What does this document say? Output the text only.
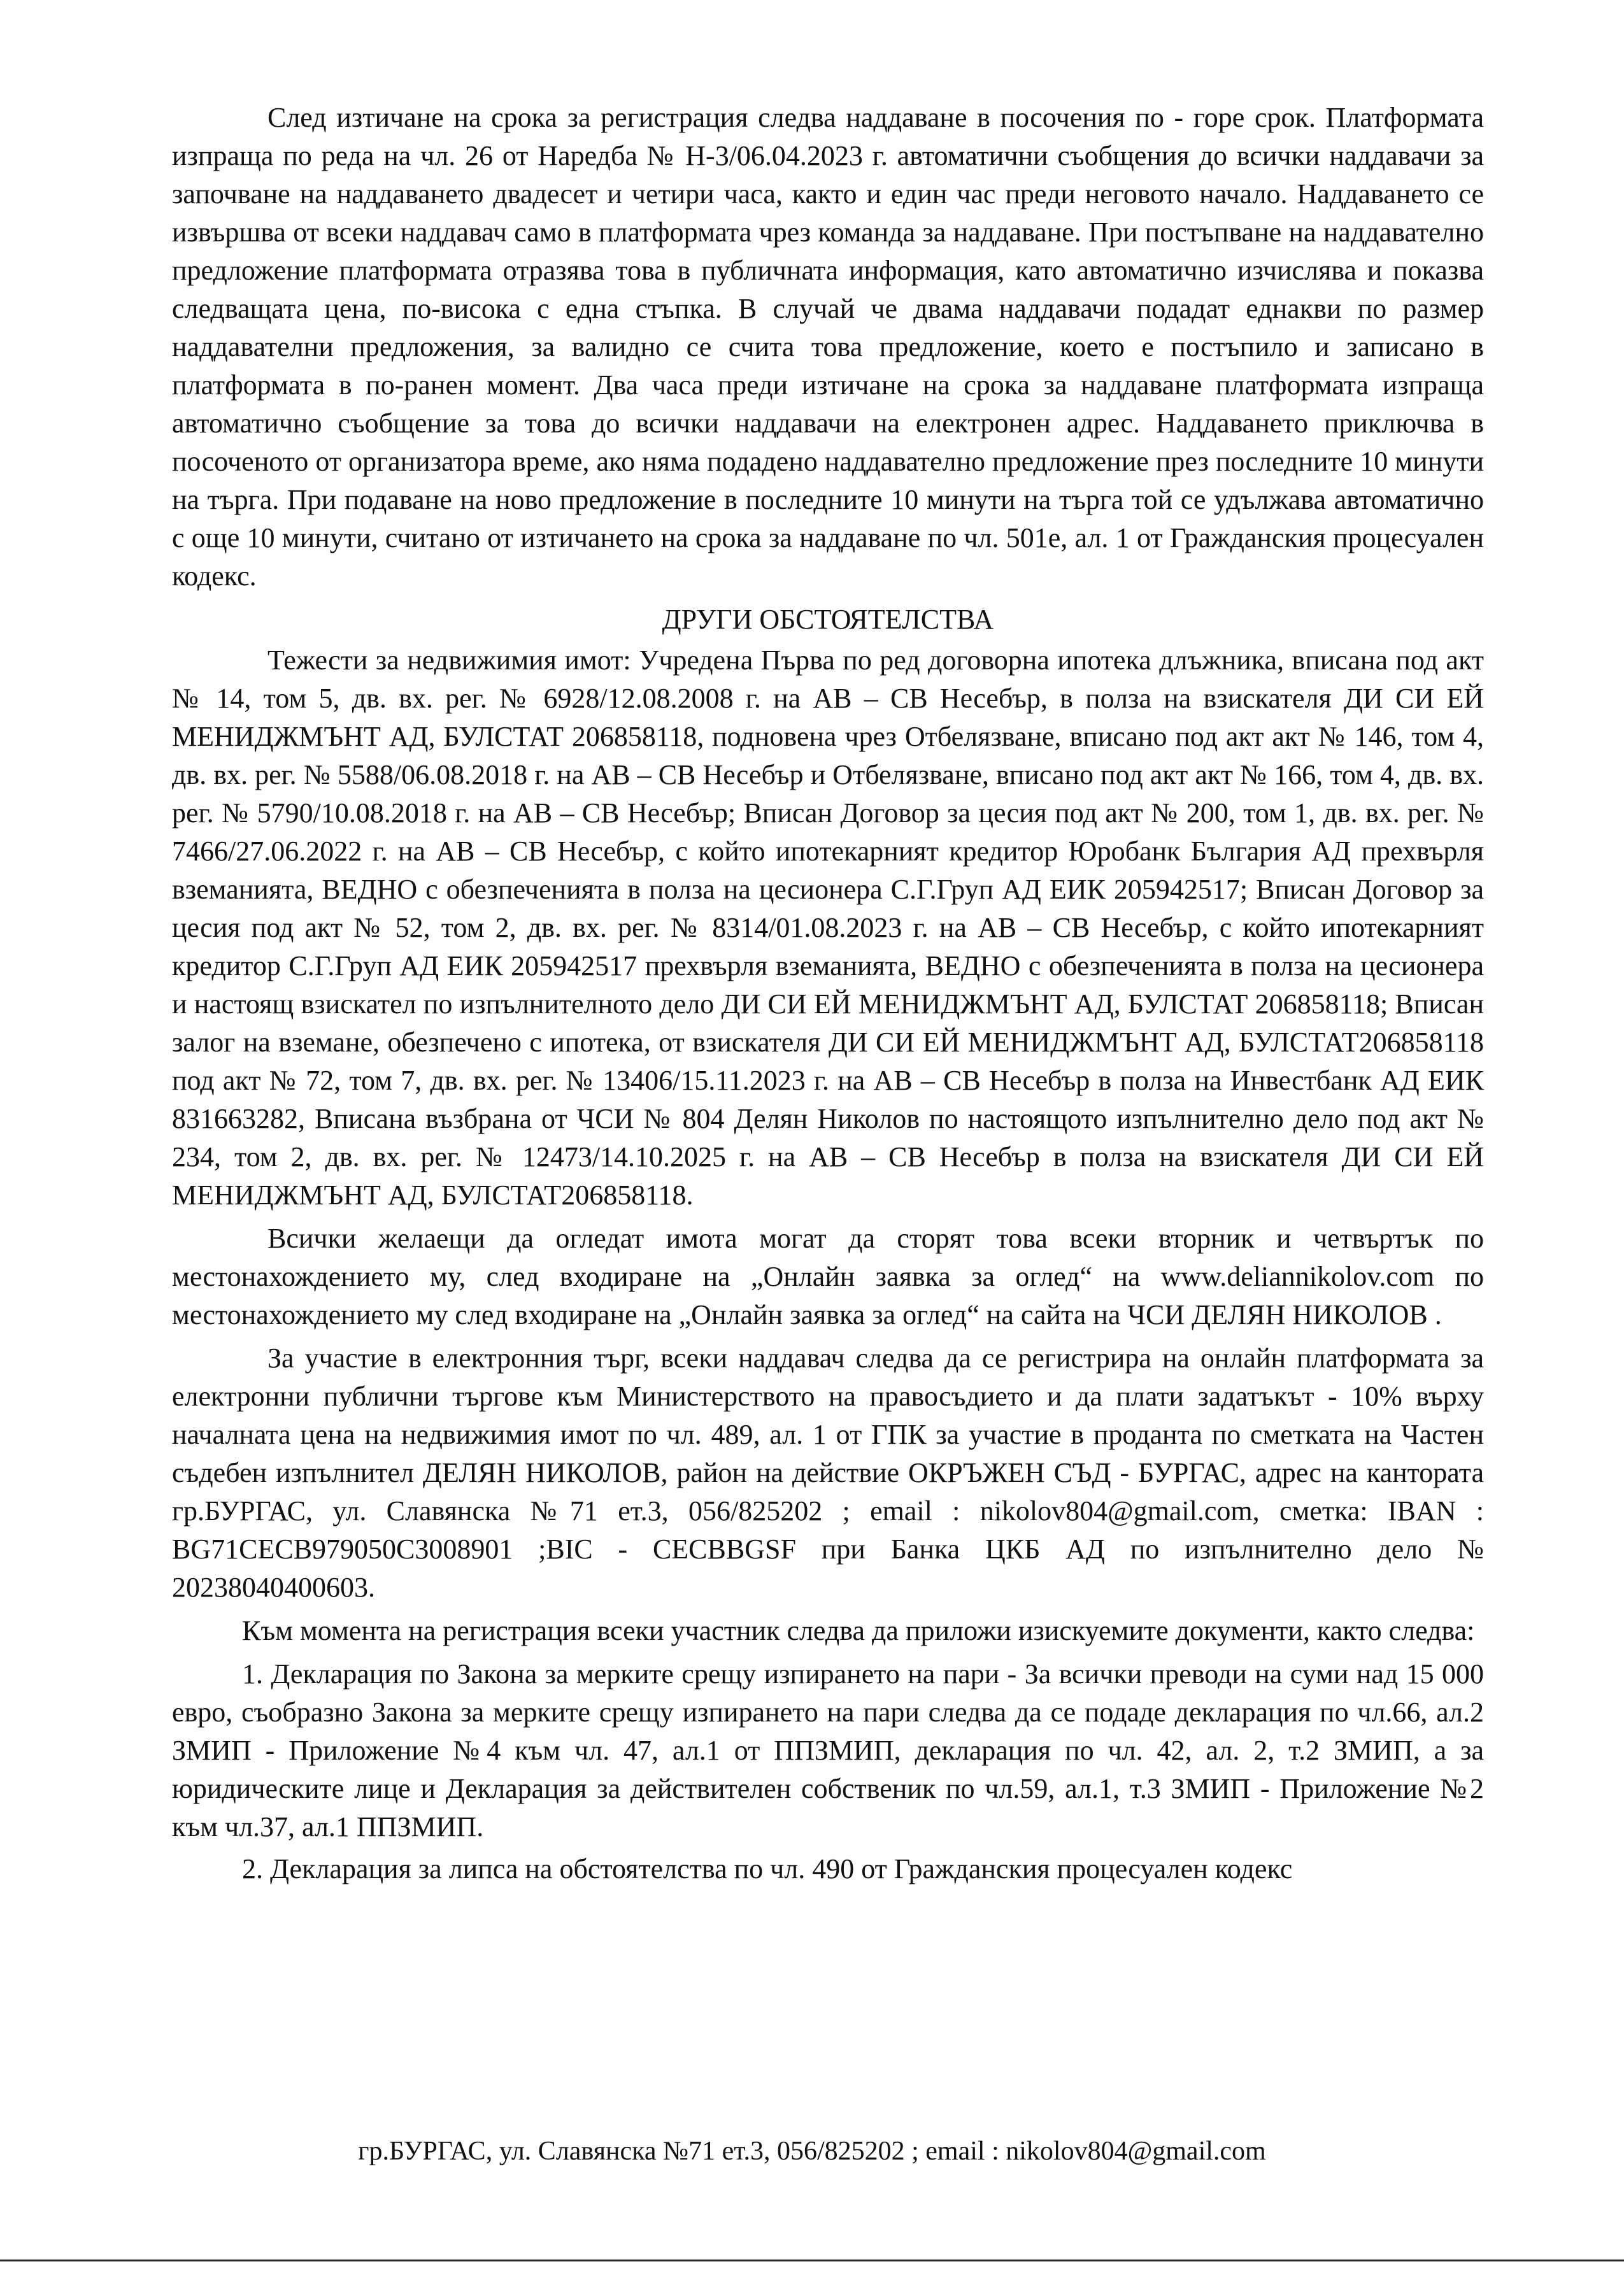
След изтичане на срока за регистрация следва наддаване в посочения по - горе срок. Платформата изпраща по реда на чл. 26 от Наредба № Н-3/06.04.2023 г. автоматични съобщения до всички наддавачи за започване на наддаването двадесет и четири часа, както и един час преди неговото начало. Наддаването се извършва от всеки наддавач само в платформата чрез команда за наддаване. При постъпване на наддавателно предложение платформата отразява това в публичната информация, като автоматично изчислява и показва следващата цена, по-висока с една стъпка. В случай че двама наддавачи подадат еднакви по размер наддавателни предложения, за валидно се счита това предложение, което е постъпило и записано в платформата в по-ранен момент. Два часа преди изтичане на срока за наддаване платформата изпраща автоматично съобщение за това до всички наддавачи на електронен адрес. Наддаването приключва в посоченото от организатора време, ако няма подадено наддавателно предложение през последните 10 минути на търга. При подаване на ново предложение в последните 10 минути на търга той се удължава автоматично с още 10 минути, считано от изтичането на срока за наддаване по чл. 501е, ал. 1 от Гражданския процесуален кодекс.

ДРУГИ ОБСТОЯТЕЛСТВА

Тежести за недвижимия имот: Учредена Първа по ред договорна ипотека длъжника, вписана под акт № 14, том 5, дв. вх. рег. № 6928/12.08.2008 г. на АВ – СВ Несебър, в полза на взискателя ДИ СИ ЕЙ МЕНИДЖМЪНТ АД, БУЛСТАТ 206858118, подновена чрез Отбелязване, вписано под акт акт № 146, том 4, дв. вх. рег. № 5588/06.08.2018 г. на АВ – СВ Несебър и Отбелязване, вписано под акт акт № 166, том 4, дв. вх. рег. № 5790/10.08.2018 г. на АВ – СВ Несебър; Вписан Договор за цесия под акт № 200, том 1, дв. вх. рег. № 7466/27.06.2022 г. на АВ – СВ Несебър, с който ипотекарният кредитор Юробанк България АД прехвърля вземанията, ВЕДНО с обезпеченията в полза на цесионера С.Г.Груп АД ЕИК 205942517; Вписан Договор за цесия под акт № 52, том 2, дв. вх. рег. № 8314/01.08.2023 г. на АВ – СВ Несебър, с който ипотекарният кредитор С.Г.Груп АД ЕИК 205942517 прехвърля вземанията, ВЕДНО с обезпеченията в полза на цесионера и настоящ взискател по изпълнителното дело ДИ СИ ЕЙ МЕНИДЖМЪНТ АД, БУЛСТАТ 206858118; Вписан залог на вземане, обезпечено с ипотека, от взискателя ДИ СИ ЕЙ МЕНИДЖМЪНТ АД, БУЛСТАТ206858118 под акт № 72, том 7, дв. вх. рег. № 13406/15.11.2023 г. на АВ – СВ Несебър в полза на Инвестбанк АД ЕИК 831663282, Вписана възбрана от ЧСИ № 804 Делян Николов по настоящото изпълнително дело под акт № 234, том 2, дв. вх. рег. № 12473/14.10.2025 г. на АВ – СВ Несебър в полза на взискателя ДИ СИ ЕЙ МЕНИДЖМЪНТ АД, БУЛСТАТ206858118.

Всички желаещи да огледат имота могат да сторят това всеки вторник и четвъртък по местонахождението му, след входиране на „Онлайн заявка за оглед“ на www.deliannikolov.com по местонахождението му след входиране на „Онлайн заявка за оглед“ на сайта на ЧСИ ДЕЛЯН НИКОЛОВ .

За участие в електронния търг, всеки наддавач следва да се регистрира на онлайн платформата за електронни публични търгове към Министерството на правосъдието и да плати задатъкът - 10% върху началната цена на недвижимия имот по чл. 489, ал. 1 от ГПК за участие в проданта по сметката на Частен съдебен изпълнител ДЕЛЯН НИКОЛОВ, район на действие ОКРЪЖЕН СЪД - БУРГАС, адрес на кантората гр.БУРГАС, ул. Славянска №71 ет.3, 056/825202 ; email : nikolov804@gmail.com, сметка: IBAN : BG71CECB979050C3008901 ;BIC - CECBBGSF при Банка ЦКБ АД по изпълнително дело № 20238040400603.

Към момента на регистрация всеки участник следва да приложи изискуемите документи, както следва:

1. Декларация по Закона за мерките срещу изпирането на пари - За всички преводи на суми над 15 000 евро, съобразно Закона за мерките срещу изпирането на пари следва да се подаде декларация по чл.66, ал.2 ЗМИП - Приложение №4 към чл. 47, ал.1 от ППЗМИП, декларация по чл. 42, ал. 2, т.2 ЗМИП, а за юридическите лице и Декларация за действителен собственик по чл.59, ал.1, т.3 ЗМИП - Приложение №2 към чл.37, ал.1 ППЗМИП.

2. Декларация за липса на обстоятелства по чл. 490 от Гражданския процесуален кодекс

гр.БУРГАС, ул. Славянска №71 ет.3, 056/825202 ; email : nikolov804@gmail.com
